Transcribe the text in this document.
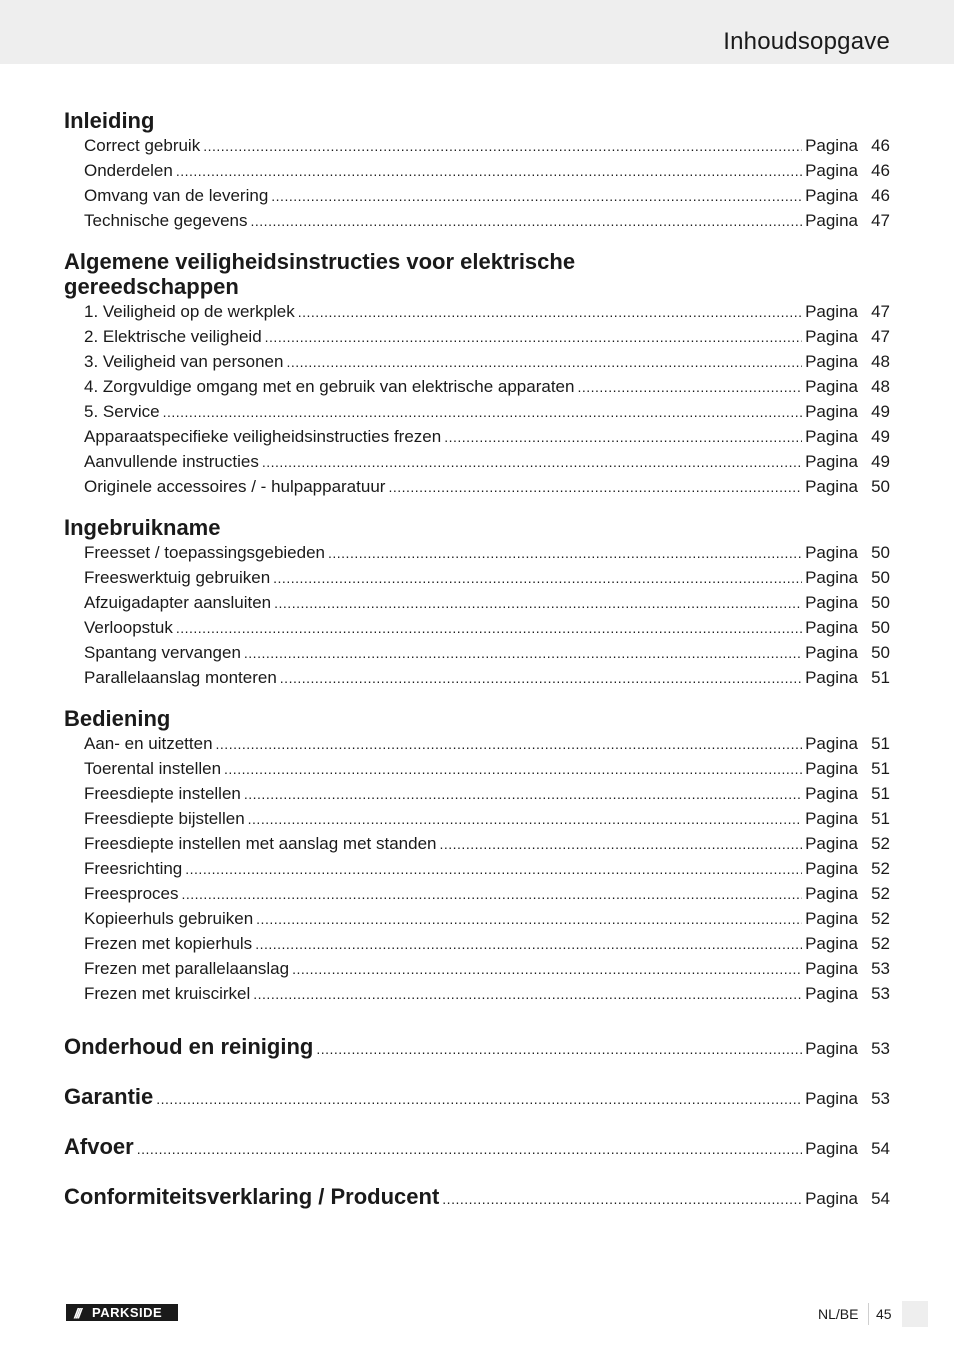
Inhoudsopgave
Inleiding
Correct gebruik .....	Pagina 46
Onderdelen .....	Pagina 46
Omvang van de levering .....	Pagina 46
Technische gegevens .....	Pagina 47
Algemene veiligheidsinstructies voor elektrische gereedschappen
1. Veiligheid op de werkplek .....	Pagina 47
2. Elektrische veiligheid .....	Pagina 47
3. Veiligheid van personen .....	Pagina 48
4. Zorgvuldige omgang met en gebruik van elektrische apparaten .....	Pagina 48
5. Service .....	Pagina 49
Apparaatspecifieke veiligheidsinstructies frezen .....	Pagina 49
Aanvullende instructies .....	Pagina 49
Originele accessoires / - hulpapparatuur .....	Pagina 50
Ingebruikname
Freesset / toepassingsgebieden .....	Pagina 50
Freeswerktuig gebruiken .....	Pagina 50
Afzuigadapter aansluiten .....	Pagina 50
Verloopstuk .....	Pagina 50
Spantang vervangen .....	Pagina 50
Parallelaanslag monteren .....	Pagina 51
Bediening
Aan- en uitzetten .....	Pagina 51
Toerental instellen .....	Pagina 51
Freesdiepte instellen .....	Pagina 51
Freesdiepte bijstellen .....	Pagina 51
Freesdiepte instellen met aanslag met standen .....	Pagina 52
Freesrichting .....	Pagina 52
Freesproces .....	Pagina 52
Kopieerhuls gebruiken .....	Pagina 52
Frezen met kopierhuls .....	Pagina 52
Frezen met parallelaanslag .....	Pagina 53
Frezen met kruiscirkel .....	Pagina 53
Onderhoud en reiniging .....	Pagina 53
Garantie .....	Pagina 53
Afvoer .....	Pagina 54
Conformiteitsverklaring / Producent .....	Pagina 54
/// PARKSIDE	NL/BE 45
